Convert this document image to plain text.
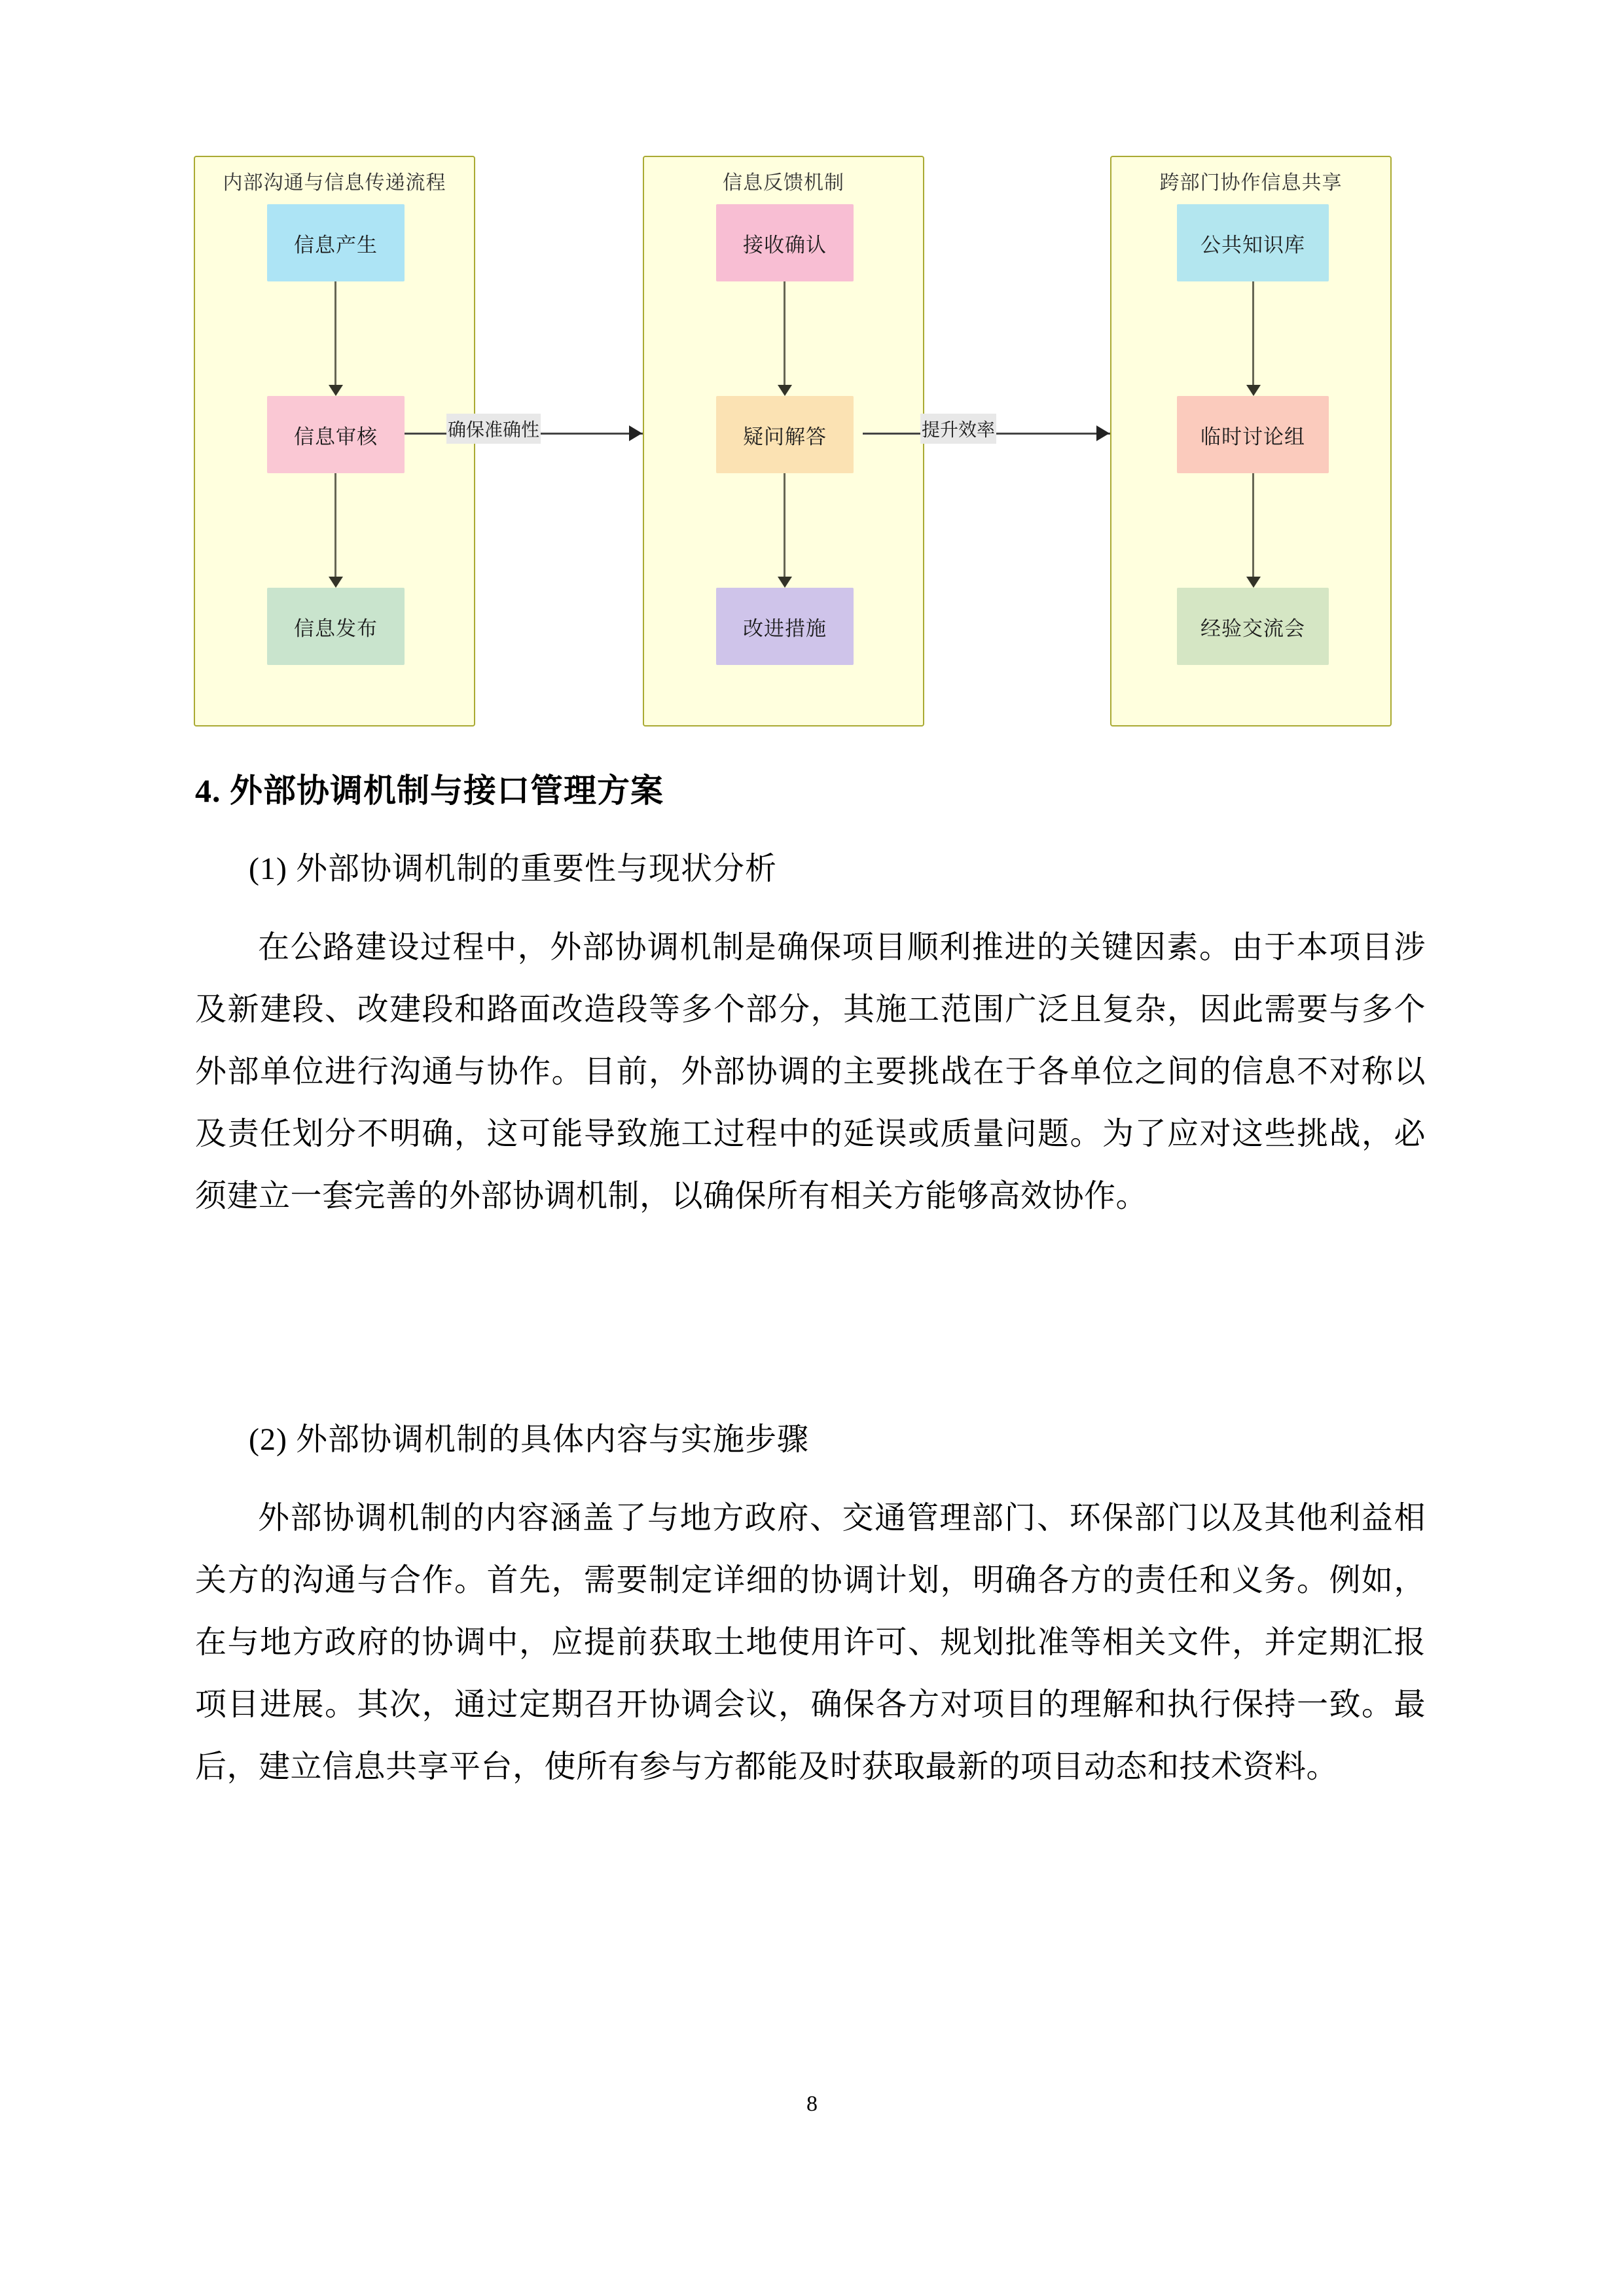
内部沟通与信息传递流程
信息产生
信息审核
信息发布
信息反馈机制
接收确认
疑问解答
改进措施
跨部门协作信息共享
公共知识库
临时讨论组
经验交流会
确保准确性	提升效率
4. 外部协调机制与接口管理方案
(1) 外部协调机制的重要性与现状分析
在公路建设过程中，外部协调机制是确保项目顺利推进的关键因素。由于本项目涉及新建段、改建段和路面改造段等多个部分，其施工范围广泛且复杂，因此需要与多个外部单位进行沟通与协作。目前，外部协调的主要挑战在于各单位之间的信息不对称以及责任划分不明确，这可能导致施工过程中的延误或质量问题。为了应对这些挑战，必须建立一套完善的外部协调机制，以确保所有相关方能够高效协作。
(2) 外部协调机制的具体内容与实施步骤
外部协调机制的内容涵盖了与地方政府、交通管理部门、环保部门以及其他利益相关方的沟通与合作。首先，需要制定详细的协调计划，明确各方的责任和义务。例如，在与地方政府的协调中，应提前获取土地使用许可、规划批准等相关文件，并定期汇报项目进展。其次，通过定期召开协调会议，确保各方对项目的理解和执行保持一致。最后，建立信息共享平台，使所有参与方都能及时获取最新的项目动态和技术资料。
8
